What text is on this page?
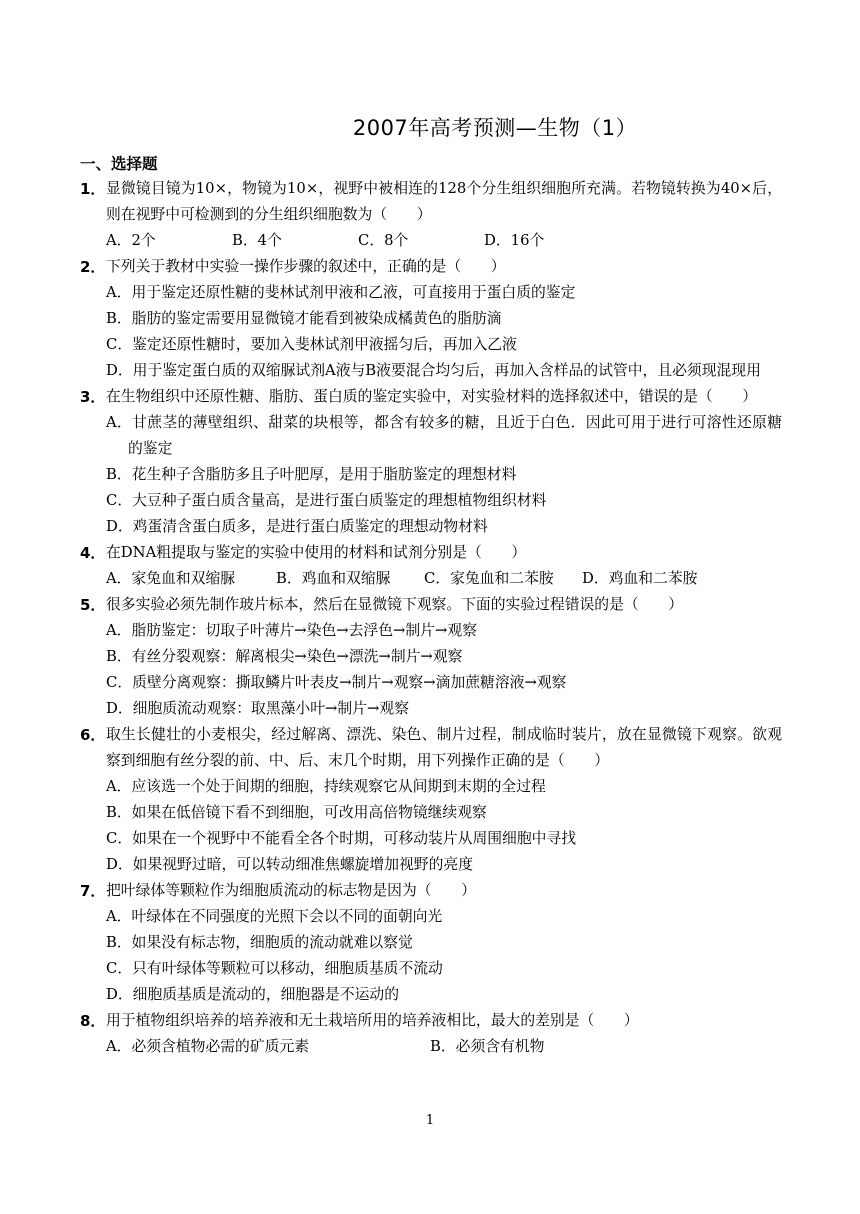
2007年高考预测—生物（1）
一、选择题
1． 显微镜目镜为10×，物镜为10×，视野中被相连的128个分生组织细胞所充满。若物镜转换为40×后，则在视野中可检测到的分生组织细胞数为（　　）
A．2个	B．4个	C．8个	D．16个
2． 下列关于教材中实验一操作步骤的叙述中，正确的是（　　）
A．用于鉴定还原性糖的斐林试剂甲液和乙液，可直接用于蛋白质的鉴定
B．脂肪的鉴定需要用显微镜才能看到被染成橘黄色的脂肪滴
C．鉴定还原性糖时，要加入斐林试剂甲液摇匀后，再加入乙液
D．用于鉴定蛋白质的双缩脲试剂A液与B液要混合均匀后，再加入含样品的试管中，且必须现混现用
3． 在生物组织中还原性糖、脂肪、蛋白质的鉴定实验中，对实验材料的选择叙述中，错误的是（　　）
A．甘蔗茎的薄壁组织、甜菜的块根等，都含有较多的糖，且近于白色．因此可用于进行可溶性还原糖的鉴定
B．花生种子含脂肪多且子叶肥厚，是用于脂肪鉴定的理想材料
C．大豆种子蛋白质含量高，是进行蛋白质鉴定的理想植物组织材料
D．鸡蛋清含蛋白质多，是进行蛋白质鉴定的理想动物材料
4． 在DNA粗提取与鉴定的实验中使用的材料和试剂分别是（　　）
A．家兔血和双缩脲	B．鸡血和双缩脲	C．家兔血和二苯胺	D．鸡血和二苯胺
5． 很多实验必须先制作玻片标本，然后在显微镜下观察。下面的实验过程错误的是（　　）
A．脂肪鉴定：切取子叶薄片→染色→去浮色→制片→观察
B．有丝分裂观察：解离根尖→染色→漂洗→制片→观察
C．质壁分离观察：撕取鳞片叶表皮→制片→观察→滴加蔗糖溶液→观察
D．细胞质流动观察：取黑藻小叶→制片→观察
6． 取生长健壮的小麦根尖，经过解离、漂洗、染色、制片过程，制成临时装片，放在显微镜下观察。欲观察到细胞有丝分裂的前、中、后、末几个时期，用下列操作正确的是（　　）
A．应该选一个处于间期的细胞，持续观察它从间期到末期的全过程
B．如果在低倍镜下看不到细胞，可改用高倍物镜继续观察
C．如果在一个视野中不能看全各个时期，可移动装片从周围细胞中寻找
D．如果视野过暗，可以转动细准焦螺旋增加视野的亮度
7． 把叶绿体等颗粒作为细胞质流动的标志物是因为（　　）
A．叶绿体在不同强度的光照下会以不同的面朝向光
B．如果没有标志物，细胞质的流动就难以察觉
C．只有叶绿体等颗粒可以移动，细胞质基质不流动
D．细胞质基质是流动的，细胞器是不运动的
8． 用于植物组织培养的培养液和无土栽培所用的培养液相比，最大的差别是（　　）
A．必须含植物必需的矿质元素	B．必须含有机物
1
